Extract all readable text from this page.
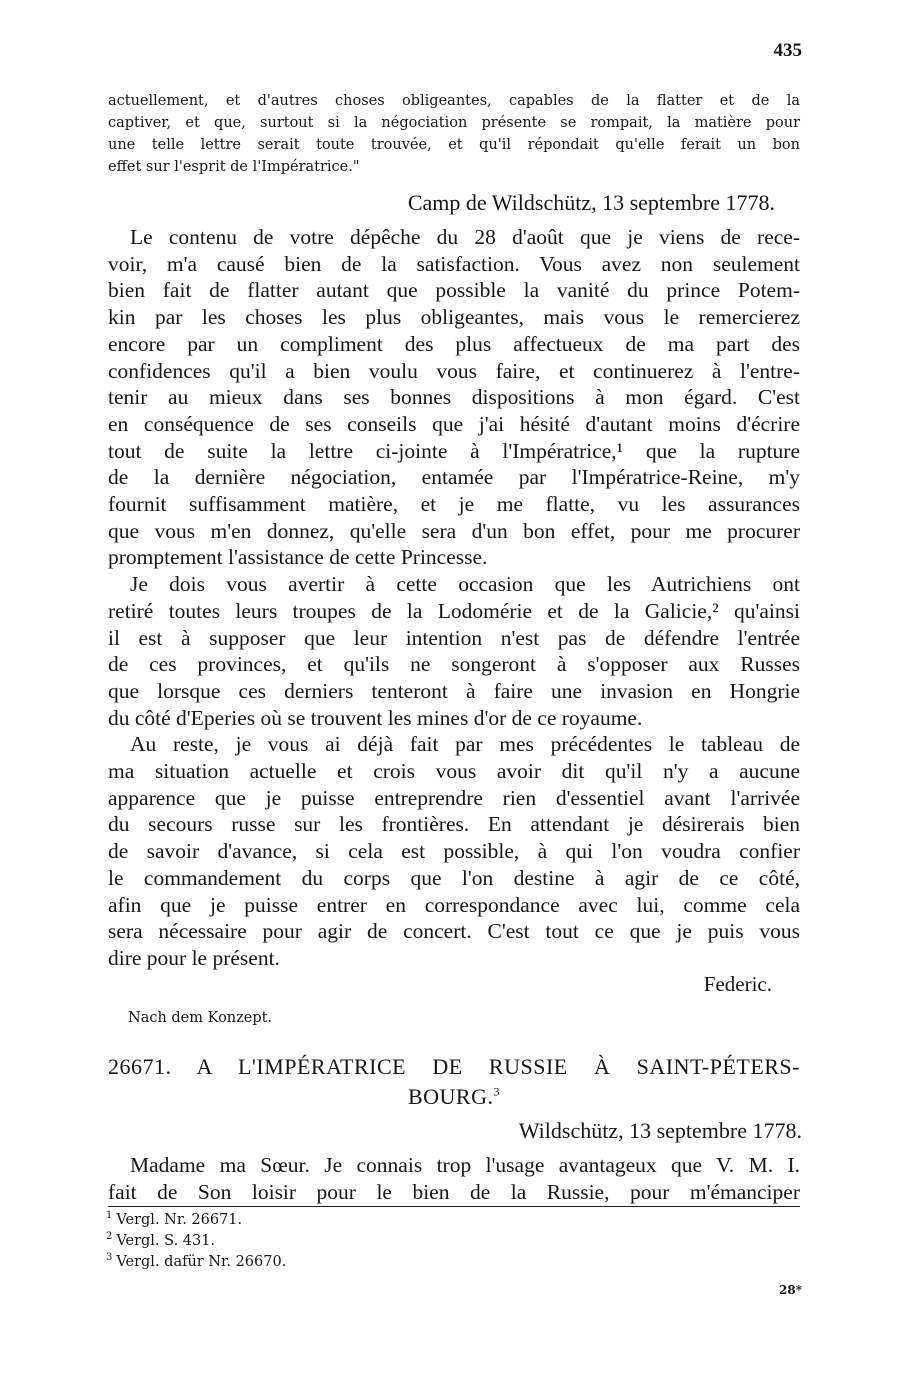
435
actuellement, et d'autres choses obligeantes, capables de la flatter et de la
captiver, et que, surtout si la négociation présente se rompait, la matière pour
une telle lettre serait toute trouvée, et qu'il répondait qu'elle ferait un bon
effet sur l'esprit de l'Impératrice."
Camp de Wildschütz, 13 septembre 1778.
Le contenu de votre dépêche du 28 d'août que je viens de rece-
voir, m'a causé bien de la satisfaction. Vous avez non seulement
bien fait de flatter autant que possible la vanité du prince Potem-
kin par les choses les plus obligeantes, mais vous le remercierez
encore par un compliment des plus affectueux de ma part des
confidences qu'il a bien voulu vous faire, et continuerez à l'entre-
tenir au mieux dans ses bonnes dispositions à mon égard. C'est
en conséquence de ses conseils que j'ai hésité d'autant moins d'écrire
tout de suite la lettre ci-jointe à l'Impératrice,¹ que la rupture
de la dernière négociation, entamée par l'Impératrice-Reine, m'y
fournit suffisamment matière, et je me flatte, vu les assurances
que vous m'en donnez, qu'elle sera d'un bon effet, pour me procurer
promptement l'assistance de cette Princesse.
Je dois vous avertir à cette occasion que les Autrichiens ont
retiré toutes leurs troupes de la Lodomérie et de la Galicie,² qu'ainsi
il est à supposer que leur intention n'est pas de défendre l'entrée
de ces provinces, et qu'ils ne songeront à s'opposer aux Russes
que lorsque ces derniers tenteront à faire une invasion en Hongrie
du côté d'Eperies où se trouvent les mines d'or de ce royaume.
Au reste, je vous ai déjà fait par mes précédentes le tableau de
ma situation actuelle et crois vous avoir dit qu'il n'y a aucune
apparence que je puisse entreprendre rien d'essentiel avant l'arrivée
du secours russe sur les frontières. En attendant je désirerais bien
de savoir d'avance, si cela est possible, à qui l'on voudra confier
le commandement du corps que l'on destine à agir de ce côté,
afin que je puisse entrer en correspondance avec lui, comme cela
sera nécessaire pour agir de concert. C'est tout ce que je puis vous
dire pour le présent.
Federic.
Nach dem Konzept.
26671. A L'IMPÉRATRICE DE RUSSIE À SAINT-PÉTERS-
BOURG.$^3$
Wildschütz, 13 septembre 1778.
Madame ma Sœur. Je connais trop l'usage avantageux que V. M. I.
fait de Son loisir pour le bien de la Russie, pour m'émanciper
$^1$ Vergl. Nr. 26671.
$^2$ Vergl. S. 431.
$^3$ Vergl. dafür Nr. 26670.
28*
